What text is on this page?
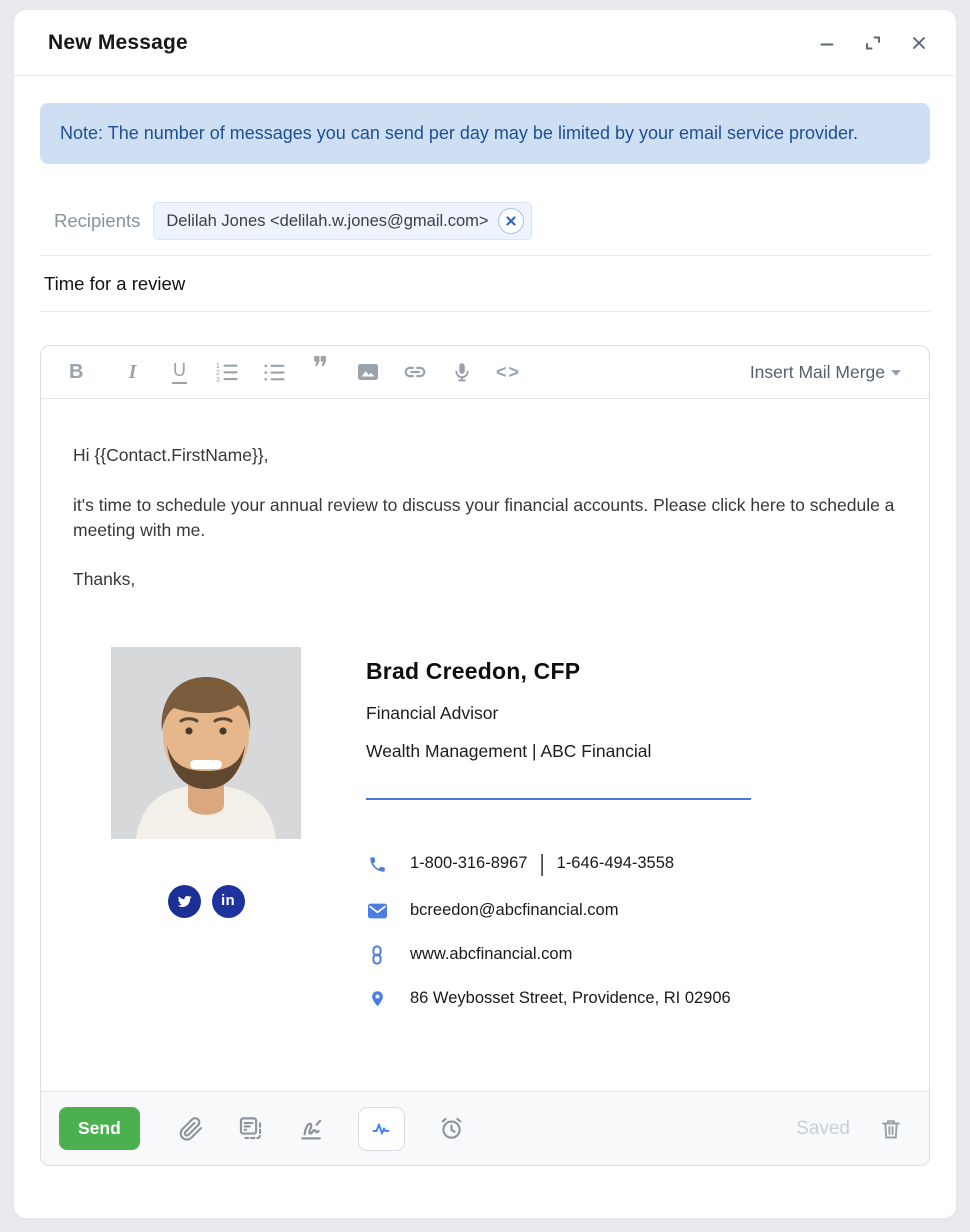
New Message
Note: The number of messages you can send per day may be limited by your email service provider.
Recipients Delilah Jones <delilah.w.jones@gmail.com>
Time for a review
B I U	1
2
3	❞	<>	Insert Mail Merge

Hi {{Contact.FirstName}},

it's time to schedule your annual review to discuss your financial accounts. Please click here to schedule a meeting with me.

Thanks,

in
Brad Creedon, CFP
Financial Advisor
Wealth Management | ABC Financial
1-800-316-8967 | 1-646-494-3558
bcreedon@abcfinancial.com
www.abcfinancial.com
86 Weybosset Street, Providence, RI 02906
Send	Saved
